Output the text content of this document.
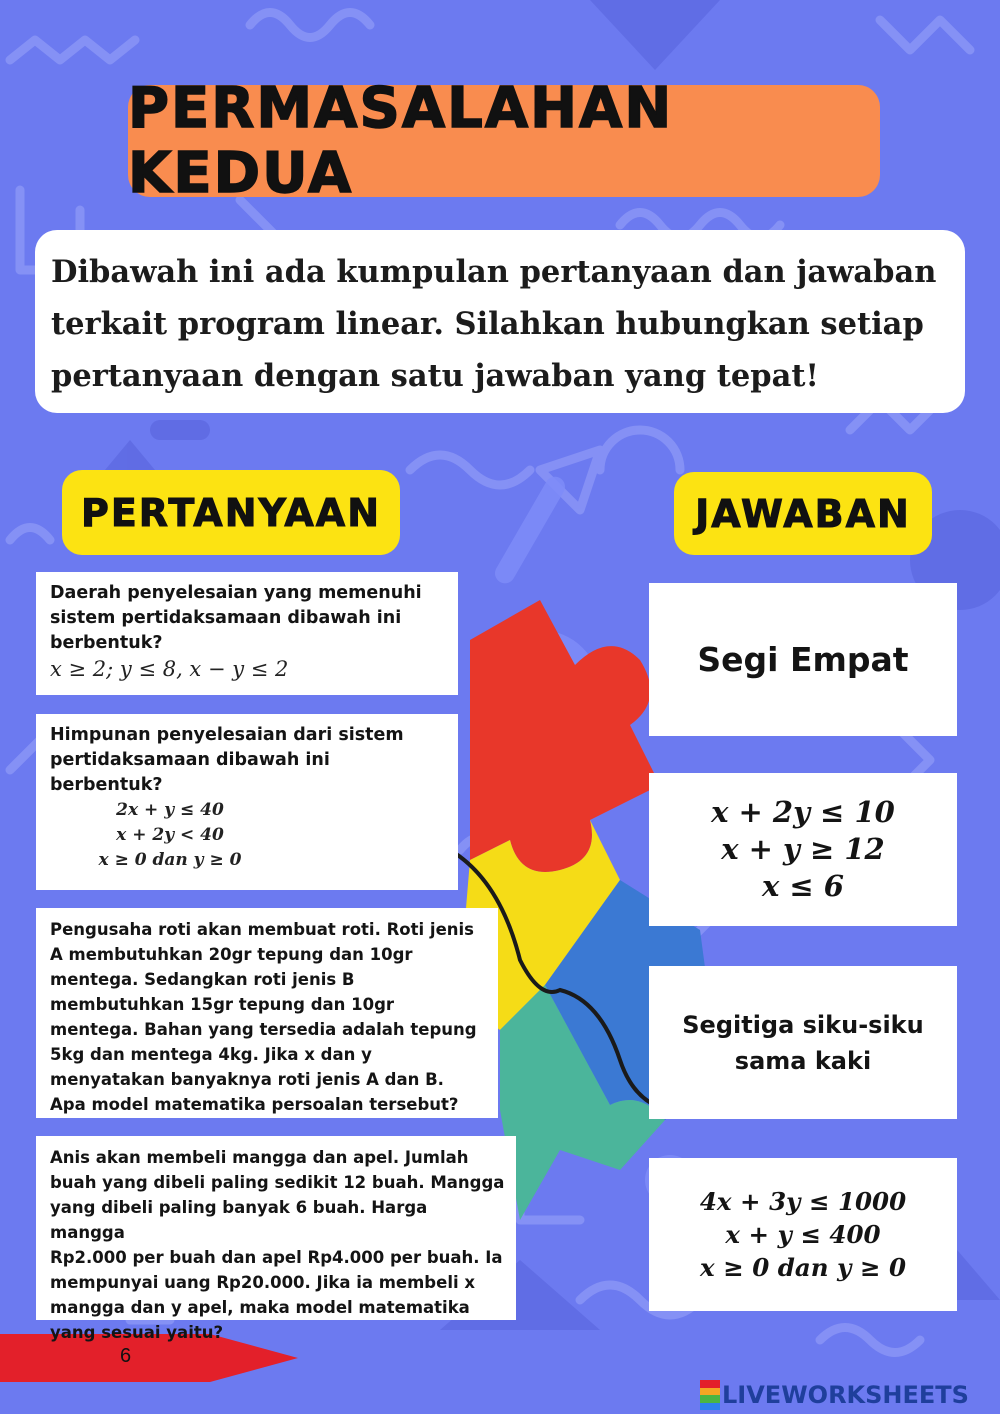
PERMASALAHAN KEDUA
Dibawah ini ada kumpulan pertanyaan dan jawaban
terkait program linear. Silahkan hubungkan setiap
pertanyaan dengan satu jawaban yang tepat!
PERTANYAAN	JAWABAN

Daerah penyelesaian yang memenuhi

sistem pertidaksamaan dibawah ini

berbentuk?

x ≥ 2; y ≤ 8, x − y ≤ 2

Himpunan penyelesaian dari sistem

pertidaksamaan dibawah ini

berbentuk?

2x + y ≤ 40
x + 2y < 40
x ≥ 0 dan y ≥ 0

Pengusaha roti akan membuat roti. Roti jenis

A membutuhkan 20gr tepung dan 10gr

mentega. Sedangkan roti jenis B

membutuhkan 15gr tepung dan 10gr

mentega. Bahan yang tersedia adalah tepung

5kg dan mentega 4kg. Jika x dan y

menyatakan banyaknya roti jenis A dan B.

Apa model matematika persoalan tersebut?

Anis akan membeli mangga dan apel. Jumlah

buah yang dibeli paling sedikit 12 buah. Mangga

yang dibeli paling banyak 6 buah. Harga mangga

Rp2.000 per buah dan apel Rp4.000 per buah. Ia

mempunyai uang Rp20.000. Jika ia membeli x

mangga dan y apel, maka model matematika

yang sesuai yaitu?

Segi Empat
x + 2y ≤ 10
x + y ≥ 12
x ≤ 6
Segitiga siku-siku
sama kaki
4x + 3y ≤ 1000
x + y ≤ 400
x ≥ 0 dan y ≥ 0
6
LIVEWORKSHEETS
